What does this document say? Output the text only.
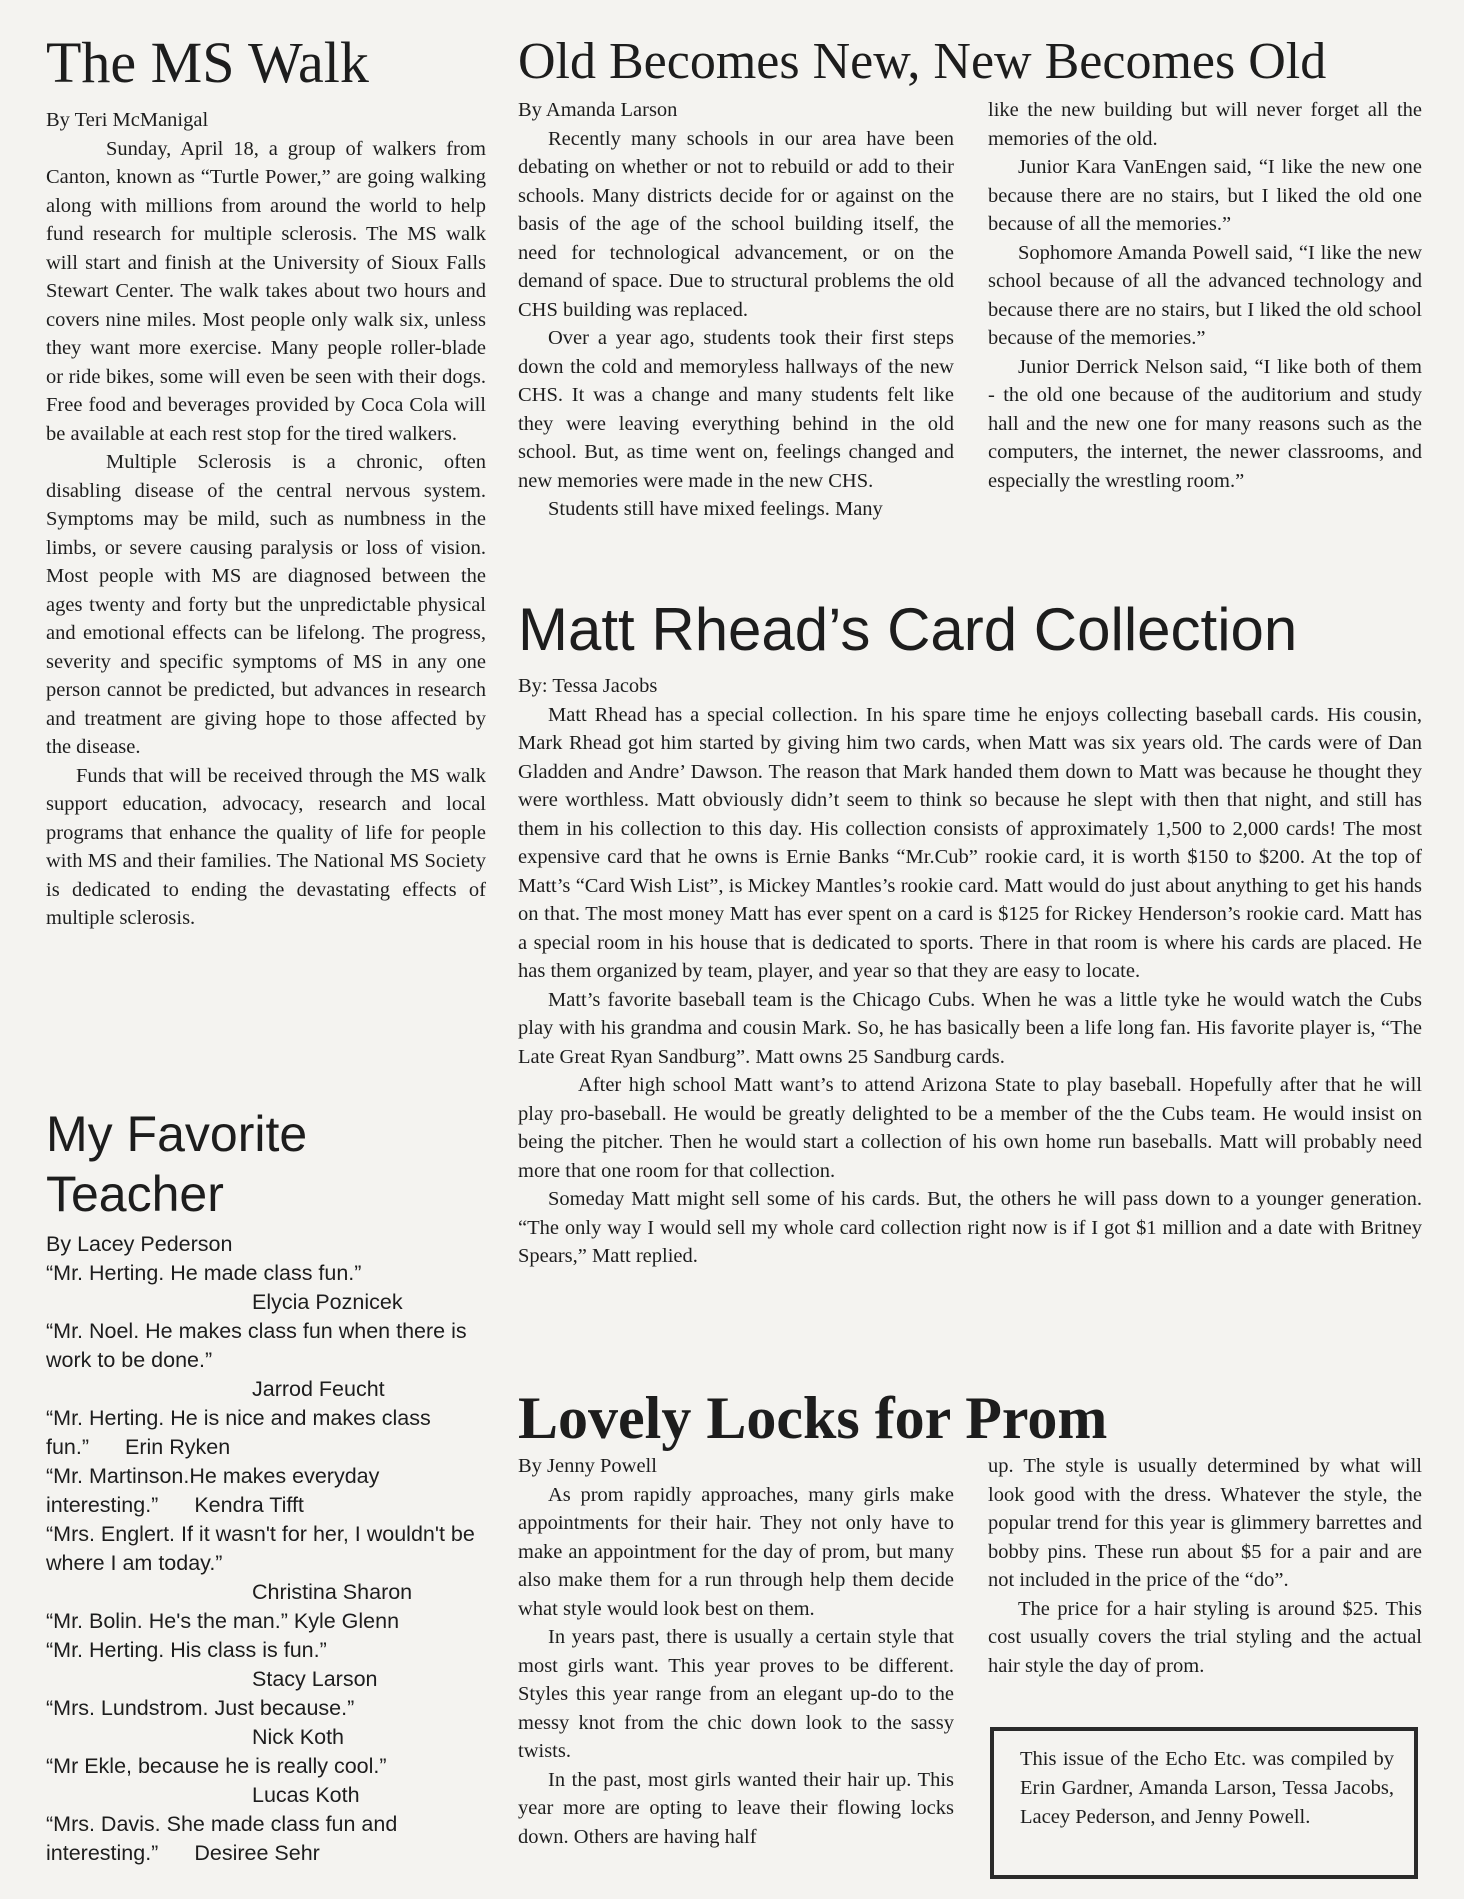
The MS Walk

By Teri McManigal

Sunday, April 18, a group of walkers from Canton, known as “Turtle Power,” are going walking along with millions from around the world to help fund research for multiple sclerosis. The MS walk will start and finish at the University of Sioux Falls Stewart Center. The walk takes about two hours and covers nine miles. Most people only walk six, unless they want more exercise. Many people roller-blade or ride bikes, some will even be seen with their dogs. Free food and beverages provided by Coca Cola will be available at each rest stop for the tired walkers.

Multiple Sclerosis is a chronic, often disabling disease of the central nervous system. Symptoms may be mild, such as numbness in the limbs, or severe causing paralysis or loss of vision. Most people with MS are diagnosed between the ages twenty and forty but the unpredictable physical and emotional effects can be lifelong. The progress, severity and specific symptoms of MS in any one person cannot be predicted, but advances in research and treatment are giving hope to those affected by the disease.

Funds that will be received through the MS walk support education, advocacy, research and local programs that enhance the quality of life for people with MS and their families. The National MS Society is dedicated to ending the devastating effects of multiple sclerosis.

My Favorite
Teacher
By Lacey Pederson
“Mr. Herting. He made class fun.”
Elycia Poznicek
“Mr. Noel. He makes class fun when there is work to be done.”
Jarrod Feucht
“Mr. Herting. He is nice and makes class fun.” Erin Ryken
“Mr. Martinson.He makes everyday interesting.” Kendra Tifft
“Mrs. Englert. If it wasn't for her, I wouldn't be where I am today.”
Christina Sharon
“Mr. Bolin. He's the man.” Kyle Glenn
“Mr. Herting. His class is fun.”
Stacy Larson
“Mrs. Lundstrom. Just because.”
Nick Koth
“Mr Ekle, because he is really cool.”
Lucas Koth
“Mrs. Davis. She made class fun and interesting.” Desiree Sehr
Old Becomes New, New Becomes Old

By Amanda Larson

Recently many schools in our area have been debating on whether or not to rebuild or add to their schools. Many districts decide for or against on the basis of the age of the school building itself, the need for technological advancement, or on the demand of space. Due to structural problems the old CHS building was replaced.

Over a year ago, students took their first steps down the cold and memoryless hallways of the new CHS. It was a change and many students felt like they were leaving everything behind in the old school. But, as time went on, feelings changed and new memories were made in the new CHS.

Students still have mixed feelings. Many

like the new building but will never forget all the memories of the old.

Junior Kara VanEngen said, “I like the new one because there are no stairs, but I liked the old one because of all the memories.”

Sophomore Amanda Powell said, “I like the new school because of all the advanced technology and because there are no stairs, but I liked the old school because of the memories.”

Junior Derrick Nelson said, “I like both of them - the old one because of the auditorium and study hall and the new one for many reasons such as the computers, the internet, the newer classrooms, and especially the wrestling room.”

Matt Rhead’s Card Collection

By: Tessa Jacobs

Matt Rhead has a special collection. In his spare time he enjoys collecting baseball cards. His cousin, Mark Rhead got him started by giving him two cards, when Matt was six years old. The cards were of Dan Gladden and Andre’ Dawson. The reason that Mark handed them down to Matt was because he thought they were worthless. Matt obviously didn’t seem to think so because he slept with then that night, and still has them in his collection to this day. His collection consists of approximately 1,500 to 2,000 cards! The most expensive card that he owns is Ernie Banks “Mr.Cub” rookie card, it is worth $150 to $200. At the top of Matt’s “Card Wish List”, is Mickey Mantles’s rookie card. Matt would do just about anything to get his hands on that. The most money Matt has ever spent on a card is $125 for Rickey Henderson’s rookie card. Matt has a special room in his house that is dedicated to sports. There in that room is where his cards are placed. He has them organized by team, player, and year so that they are easy to locate.

Matt’s favorite baseball team is the Chicago Cubs. When he was a little tyke he would watch the Cubs play with his grandma and cousin Mark. So, he has basically been a life long fan. His favorite player is, “The Late Great Ryan Sandburg”. Matt owns 25 Sandburg cards.

After high school Matt want’s to attend Arizona State to play baseball. Hopefully after that he will play pro-baseball. He would be greatly delighted to be a member of the the Cubs team. He would insist on being the pitcher. Then he would start a collection of his own home run baseballs. Matt will probably need more that one room for that collection.

Someday Matt might sell some of his cards. But, the others he will pass down to a younger generation. “The only way I would sell my whole card collection right now is if I got $1 million and a date with Britney Spears,” Matt replied.

Lovely Locks for Prom

By Jenny Powell

As prom rapidly approaches, many girls make appointments for their hair. They not only have to make an appointment for the day of prom, but many also make them for a run through help them decide what style would look best on them.

In years past, there is usually a certain style that most girls want. This year proves to be different. Styles this year range from an elegant up-do to the messy knot from the chic down look to the sassy twists.

In the past, most girls wanted their hair up. This year more are opting to leave their flowing locks down. Others are having half

up. The style is usually determined by what will look good with the dress. Whatever the style, the popular trend for this year is glimmery barrettes and bobby pins. These run about $5 for a pair and are not included in the price of the “do”.

The price for a hair styling is around $25. This cost usually covers the trial styling and the actual hair style the day of prom.

This issue of the Echo Etc. was compiled by Erin Gardner, Amanda Larson, Tessa Jacobs, Lacey Pederson, and Jenny Powell.
